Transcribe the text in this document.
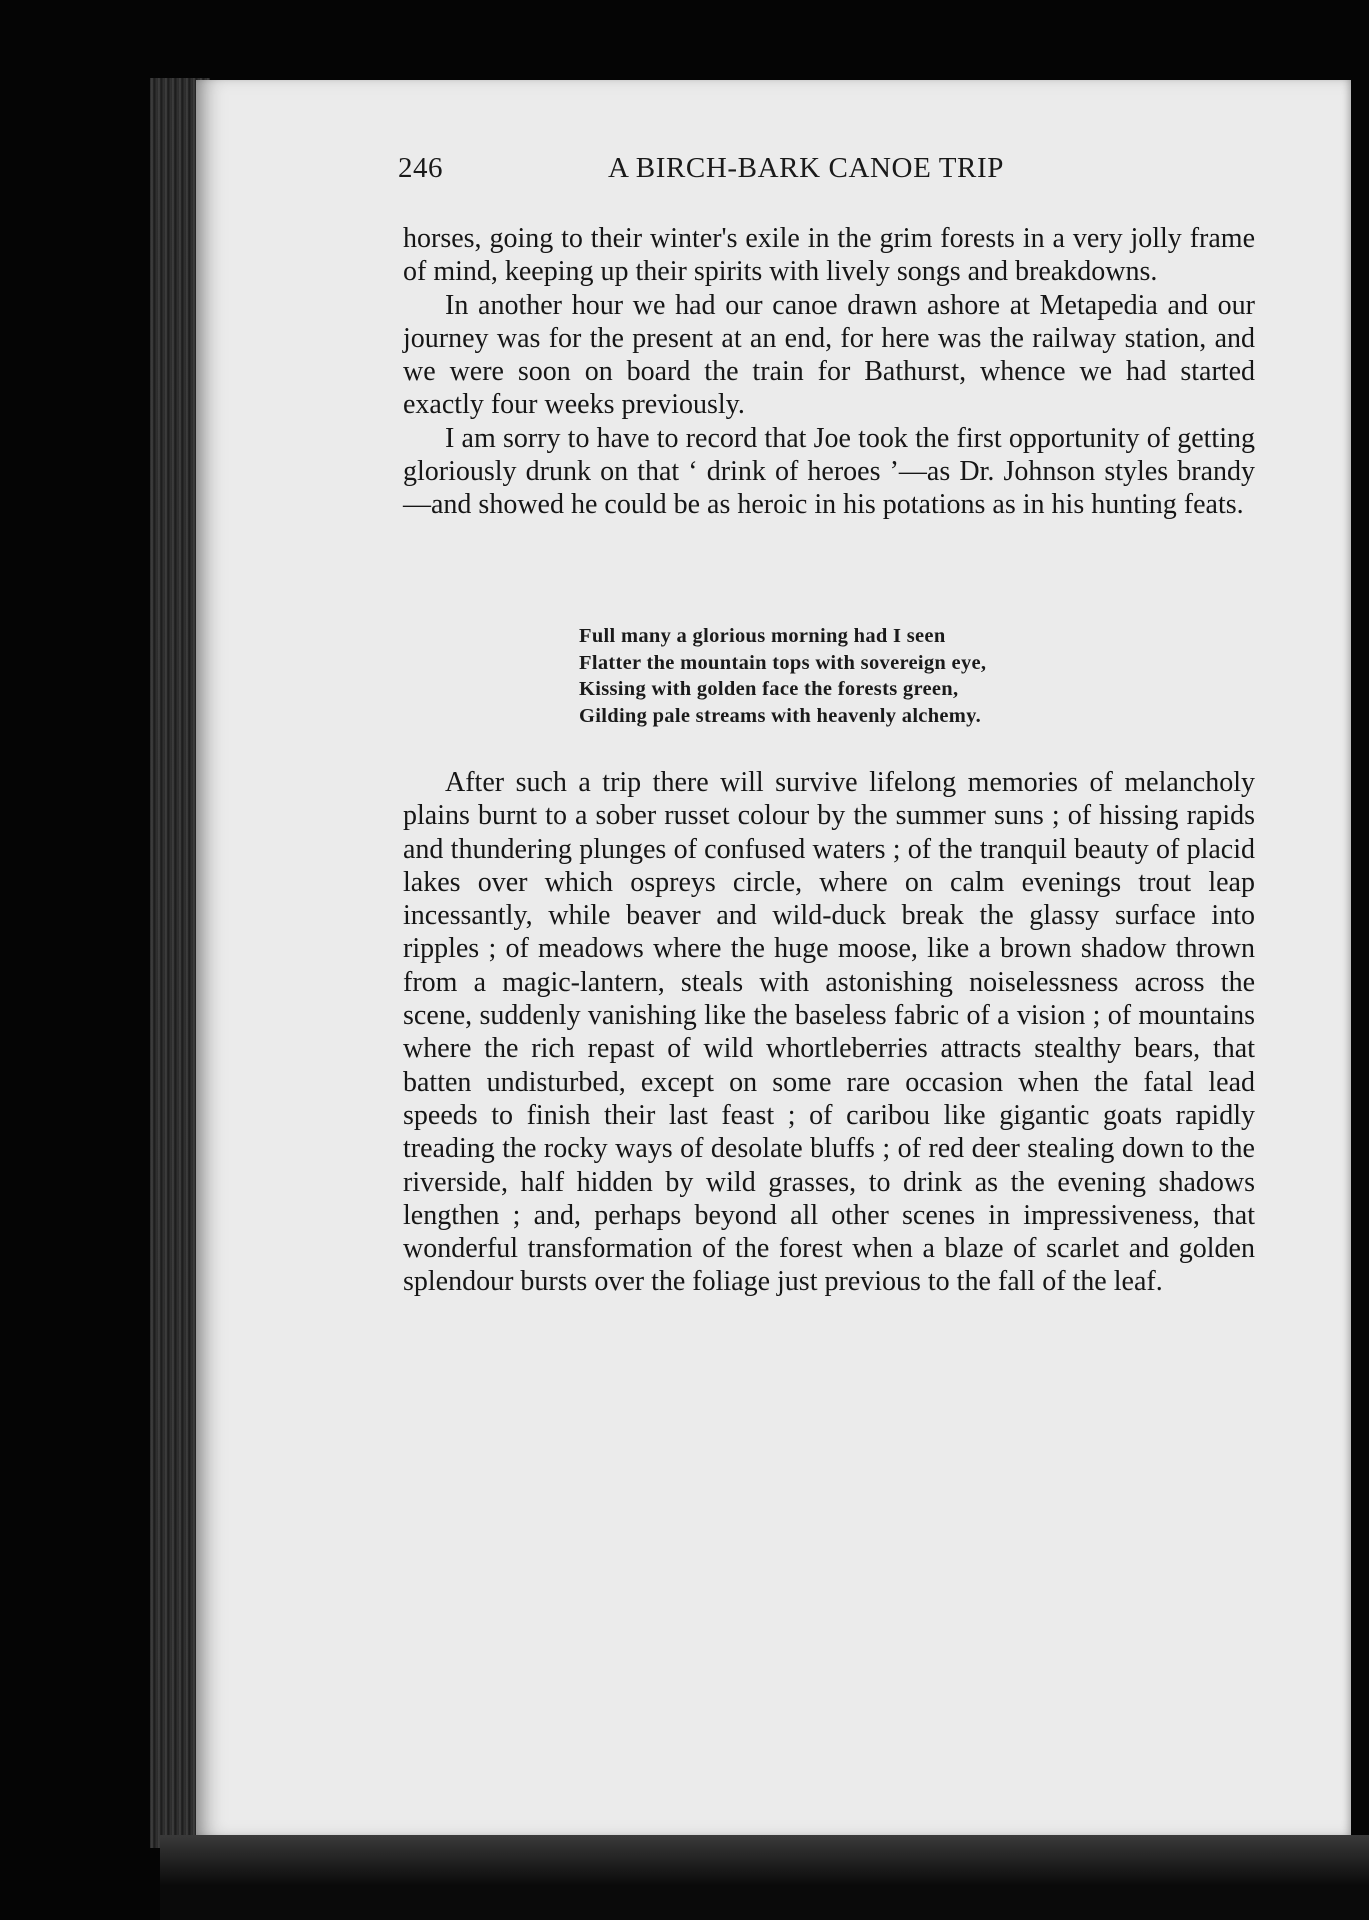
246	A BIRCH-BARK CANOE TRIP

horses, going to their winter's exile in the grim forests in a very jolly frame of mind, keeping up their spirits with lively songs and breakdowns.

In another hour we had our canoe drawn ashore at Metapedia and our journey was for the present at an end, for here was the railway station, and we were soon on board the train for Bathurst, whence we had started exactly four weeks previously.

I am sorry to have to record that Joe took the first opportunity of getting gloriously drunk on that ‘ drink of heroes ’—as Dr. Johnson styles brandy—and showed he could be as heroic in his potations as in his hunting feats.

Full many a glorious morning had I seen
Flatter the mountain tops with sovereign eye,
Kissing with golden face the forests green,
Gilding pale streams with heavenly alchemy.

After such a trip there will survive lifelong memories of melancholy plains burnt to a sober russet colour by the summer suns ; of hissing rapids and thundering plunges of confused waters ; of the tranquil beauty of placid lakes over which ospreys circle, where on calm evenings trout leap incessantly, while beaver and wild-duck break the glassy surface into ripples ; of meadows where the huge moose, like a brown shadow thrown from a magic-lantern, steals with astonishing noiselessness across the scene, suddenly vanishing like the baseless fabric of a vision ; of mountains where the rich repast of wild whortleberries attracts stealthy bears, that batten undisturbed, except on some rare occasion when the fatal lead speeds to finish their last feast ; of caribou like gigantic goats rapidly treading the rocky ways of desolate bluffs ; of red deer stealing down to the riverside, half hidden by wild grasses, to drink as the evening shadows lengthen ; and, perhaps beyond all other scenes in impressiveness, that wonderful transformation of the forest when a blaze of scarlet and golden splendour bursts over the foliage just previous to the fall of the leaf.
